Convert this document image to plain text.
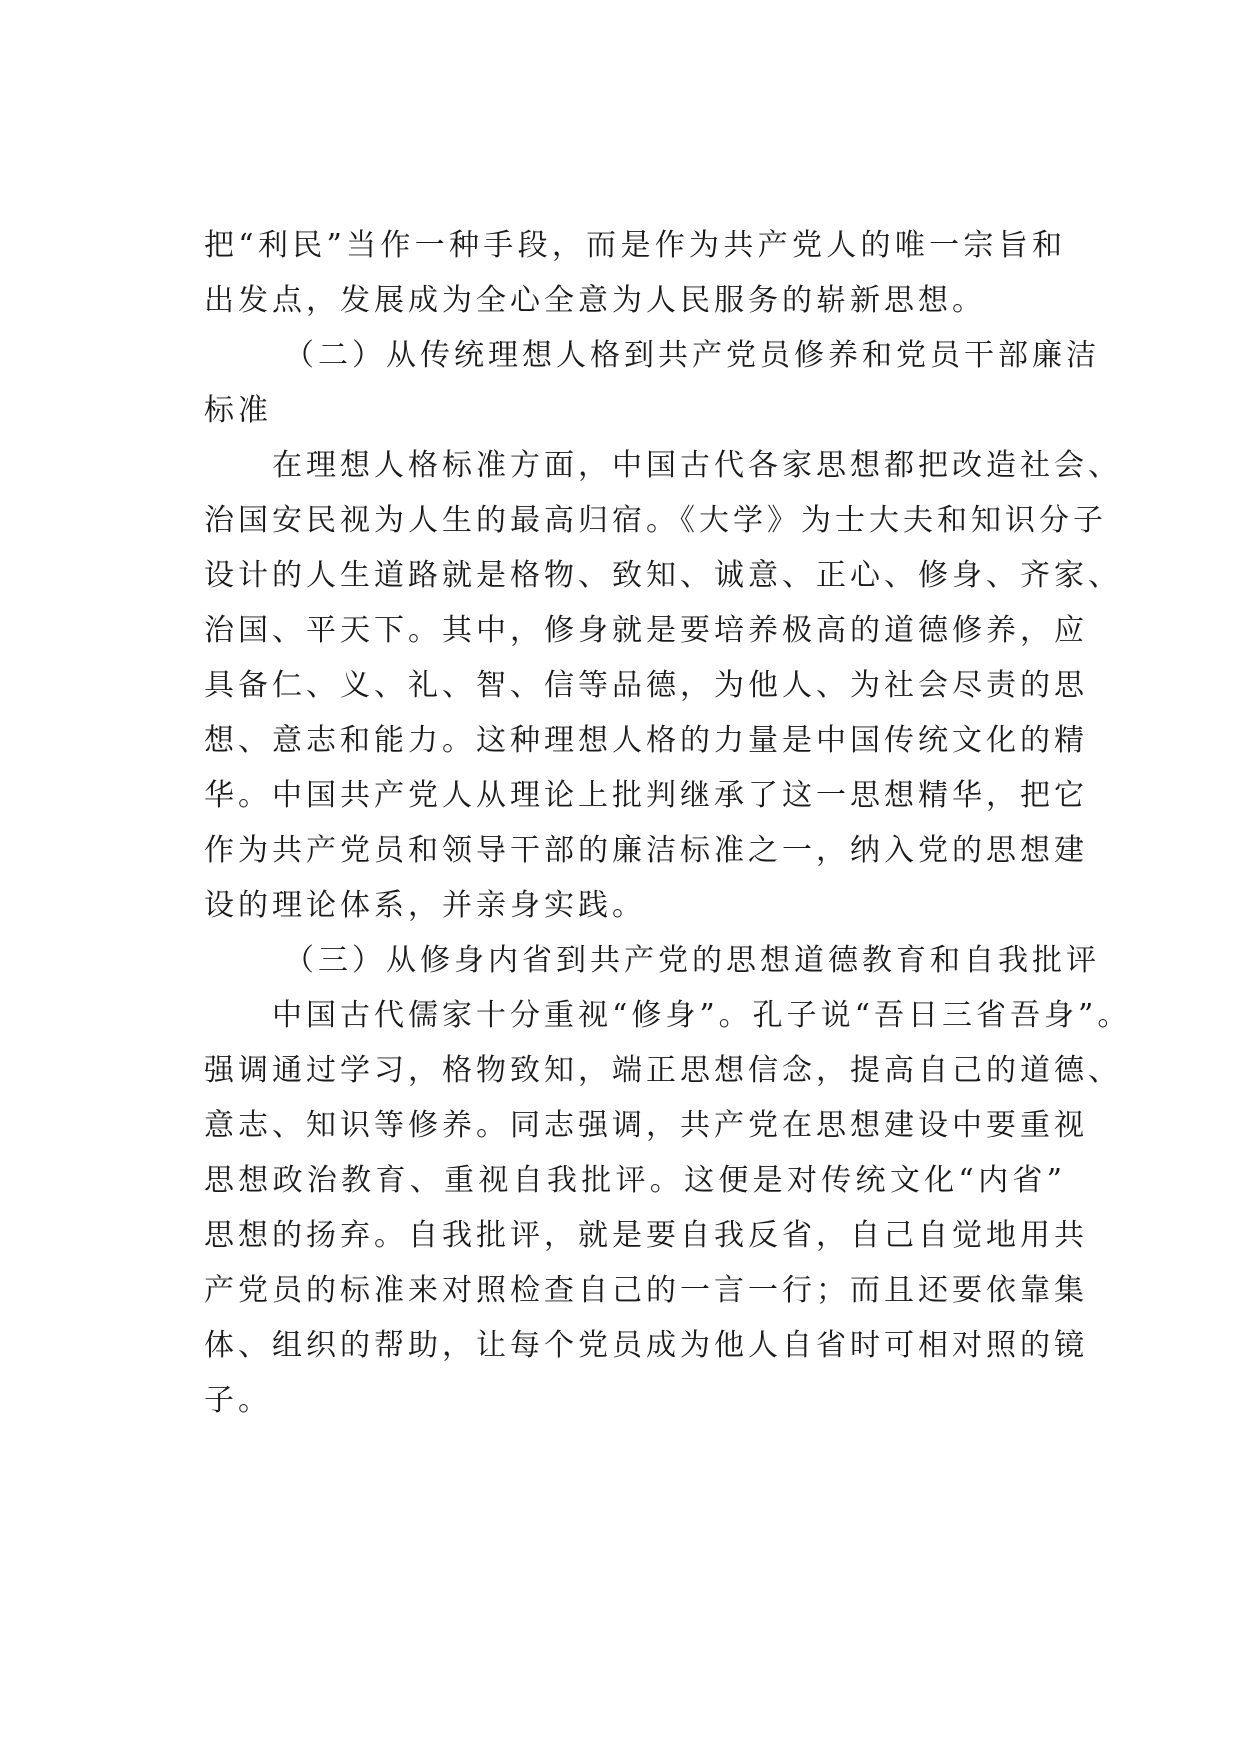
把“利民”当作一种手段，而是作为共产党人的唯一宗旨和
出发点，发展成为全心全意为人民服务的崭新思想。
（二）从传统理想人格到共产党员修养和党员干部廉洁
标准
在理想人格标准方面，中国古代各家思想都把改造社会、
治国安民视为人生的最高归宿。《大学》为士大夫和知识分子
设计的人生道路就是格物、致知、诚意、正心、修身、齐家、
治国、平天下。其中，修身就是要培养极高的道德修养，应
具备仁、义、礼、智、信等品德，为他人、为社会尽责的思
想、意志和能力。这种理想人格的力量是中国传统文化的精
华。中国共产党人从理论上批判继承了这一思想精华，把它
作为共产党员和领导干部的廉洁标准之一，纳入党的思想建
设的理论体系，并亲身实践。
（三）从修身内省到共产党的思想道德教育和自我批评
中国古代儒家十分重视“修身”。孔子说“吾日三省吾身”。
强调通过学习，格物致知，端正思想信念，提高自己的道德、
意志、知识等修养。同志强调，共产党在思想建设中要重视
思想政治教育、重视自我批评。这便是对传统文化“内省”
思想的扬弃。自我批评，就是要自我反省，自己自觉地用共
产党员的标准来对照检查自己的一言一行；而且还要依靠集
体、组织的帮助，让每个党员成为他人自省时可相对照的镜
子。
